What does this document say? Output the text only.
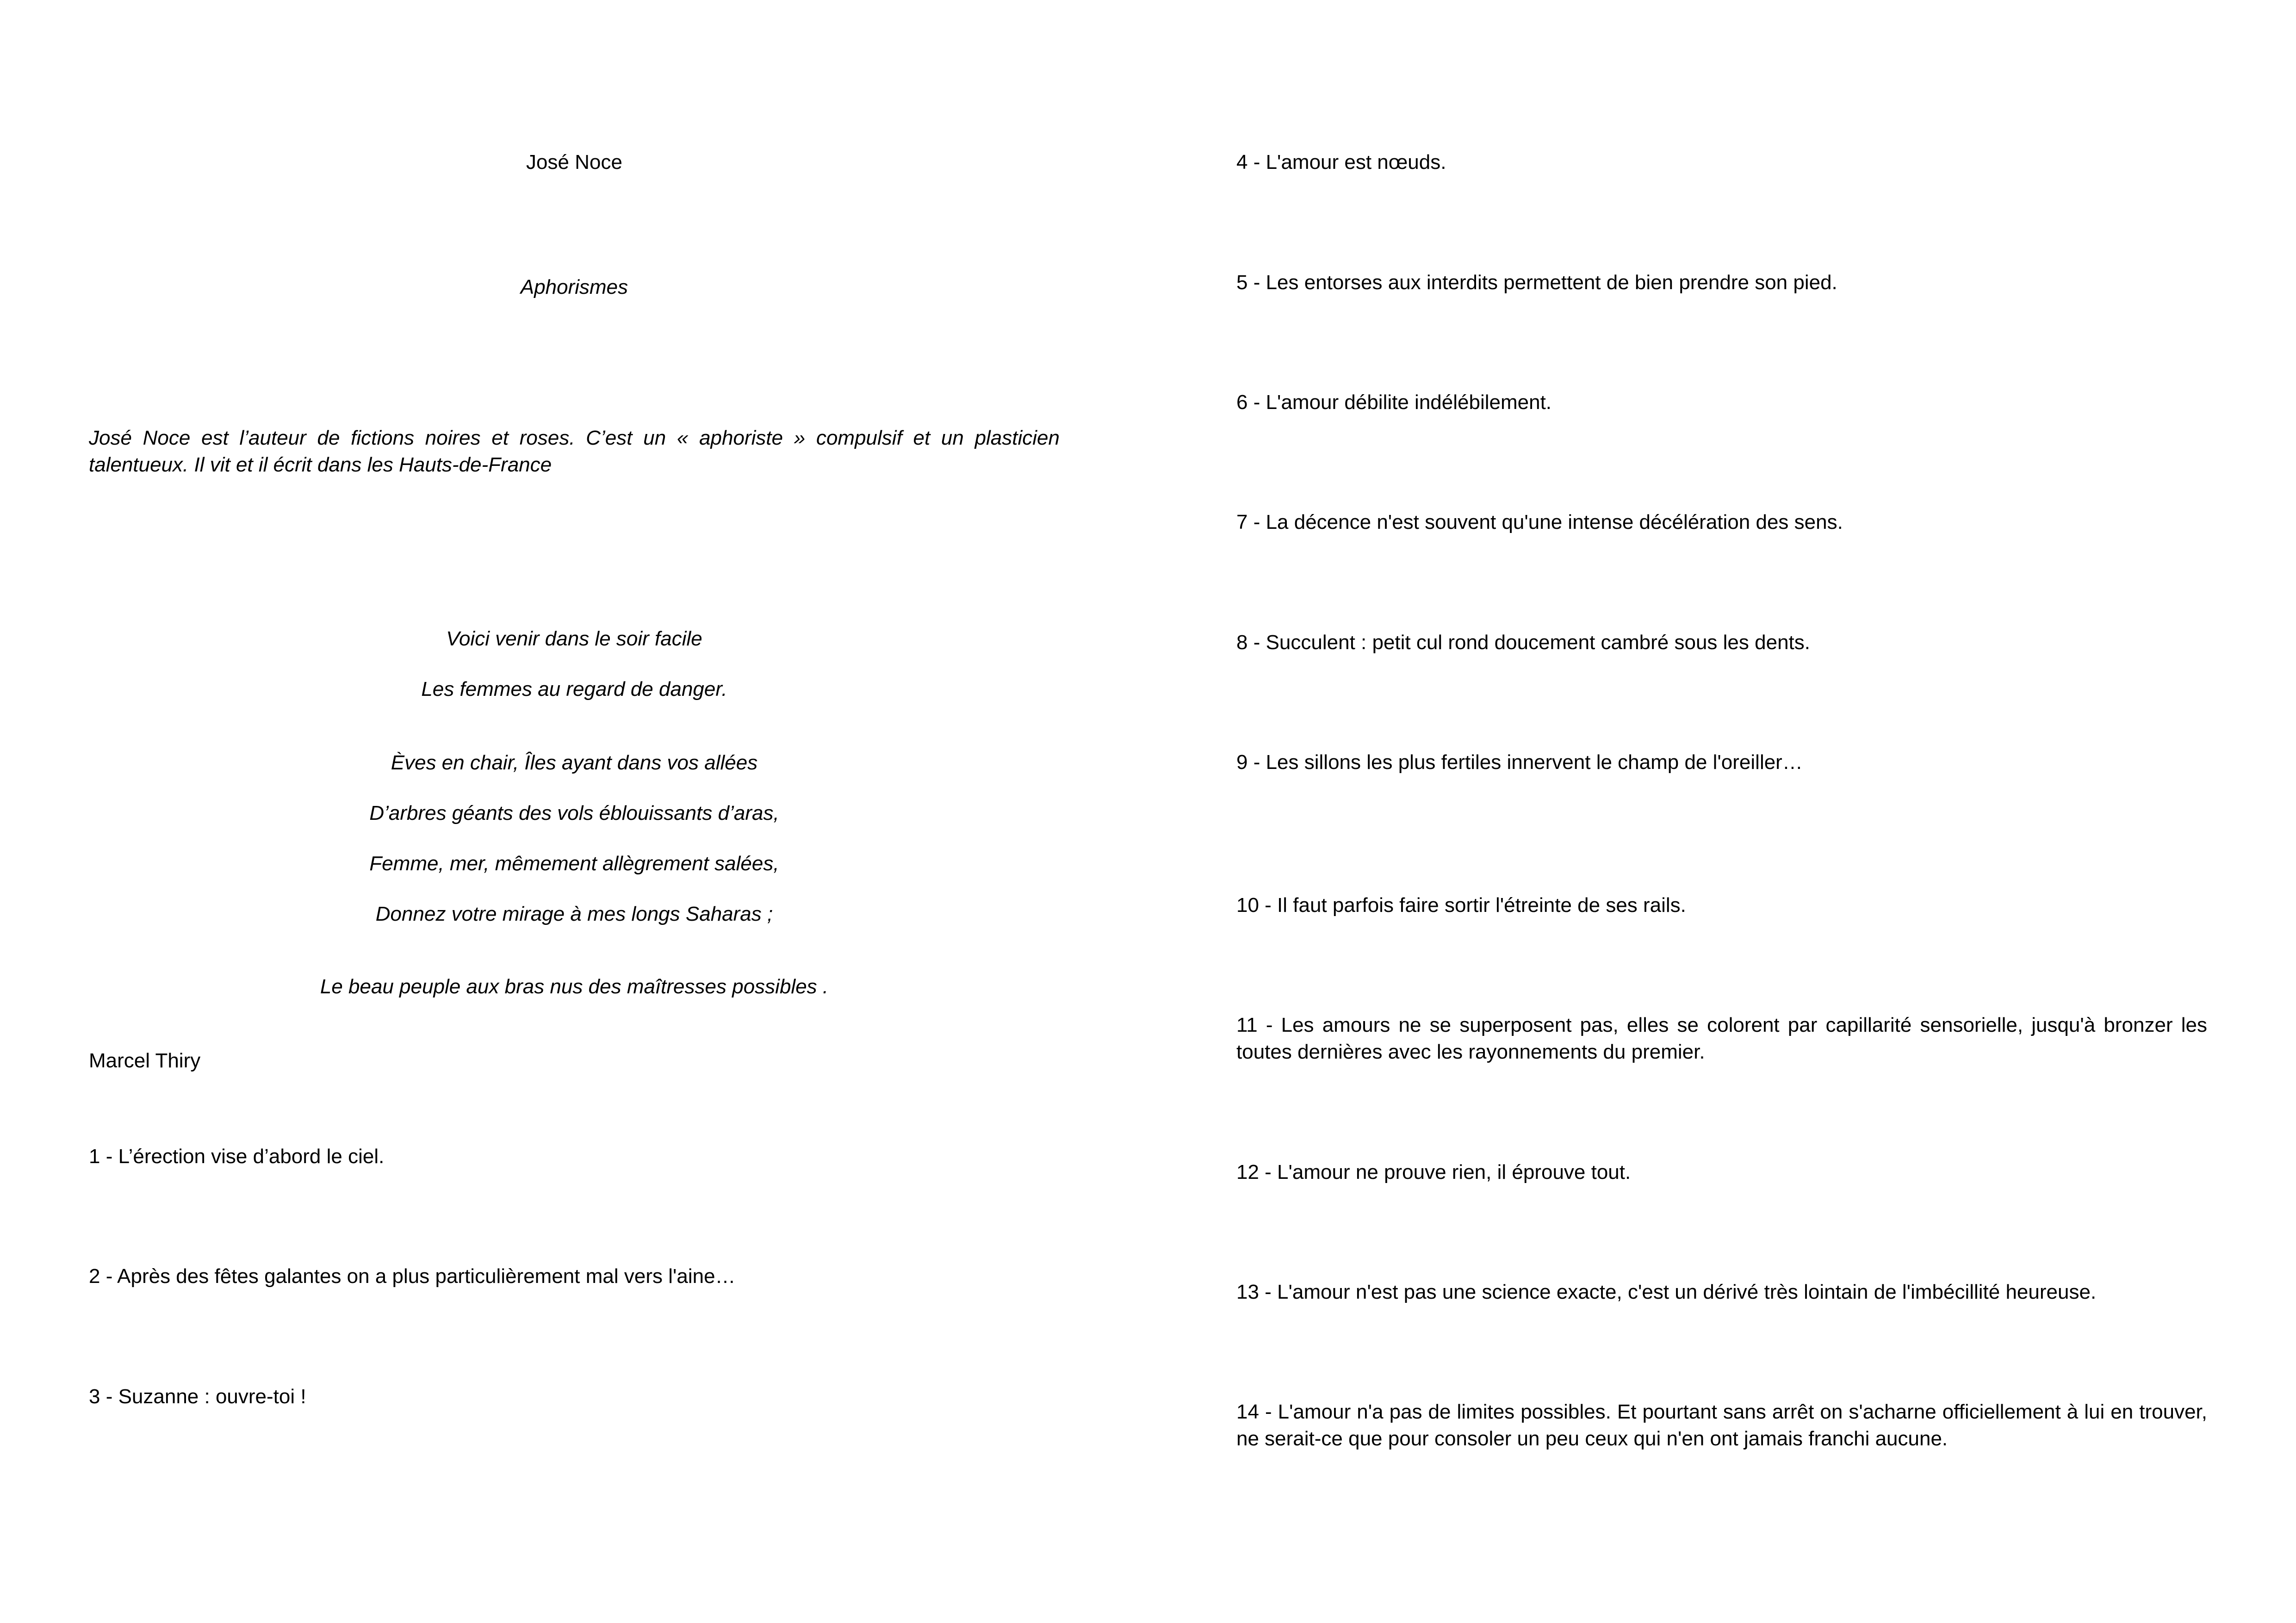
José Noce

Aphorismes

José Noce est l’auteur de fictions noires et roses. C’est un « aphoriste » compulsif et un plasticien talentueux. Il vit et il écrit dans les Hauts-de-France

Voici venir dans le soir facile

Les femmes au regard de danger.

Èves en chair, Îles ayant dans vos allées

D’arbres géants des vols éblouissants d’aras,

Femme, mer, mêmement allègrement salées,

Donnez votre mirage à mes longs Saharas ;

Le beau peuple aux bras nus des maîtresses possibles .

Marcel Thiry

1 - L’érection vise d’abord le ciel.

2 - Après des fêtes galantes on a plus particulièrement mal vers l'aine…

3 - Suzanne : ouvre-toi !

4 - L'amour est nœuds.

5 - Les entorses aux interdits permettent de bien prendre son pied.

6 - L'amour débilite indélébilement.

7 - La décence n'est souvent qu'une intense décélération des sens.

8 - Succulent : petit cul rond doucement cambré sous les dents.

9 - Les sillons les plus fertiles innervent le champ de l'oreiller…

10 - Il faut parfois faire sortir l'étreinte de ses rails.

11 - Les amours ne se superposent pas, elles se colorent par capillarité sensorielle, jusqu'à bronzer les toutes dernières avec les rayonnements du premier.

12 - L'amour ne prouve rien, il éprouve tout.

13 - L'amour n'est pas une science exacte, c'est un dérivé très lointain de l'imbécillité heureuse.

14 - L'amour n'a pas de limites possibles. Et pourtant sans arrêt on s'acharne officiellement à lui en trouver, ne serait-ce que pour consoler un peu ceux qui n'en ont jamais franchi aucune.
